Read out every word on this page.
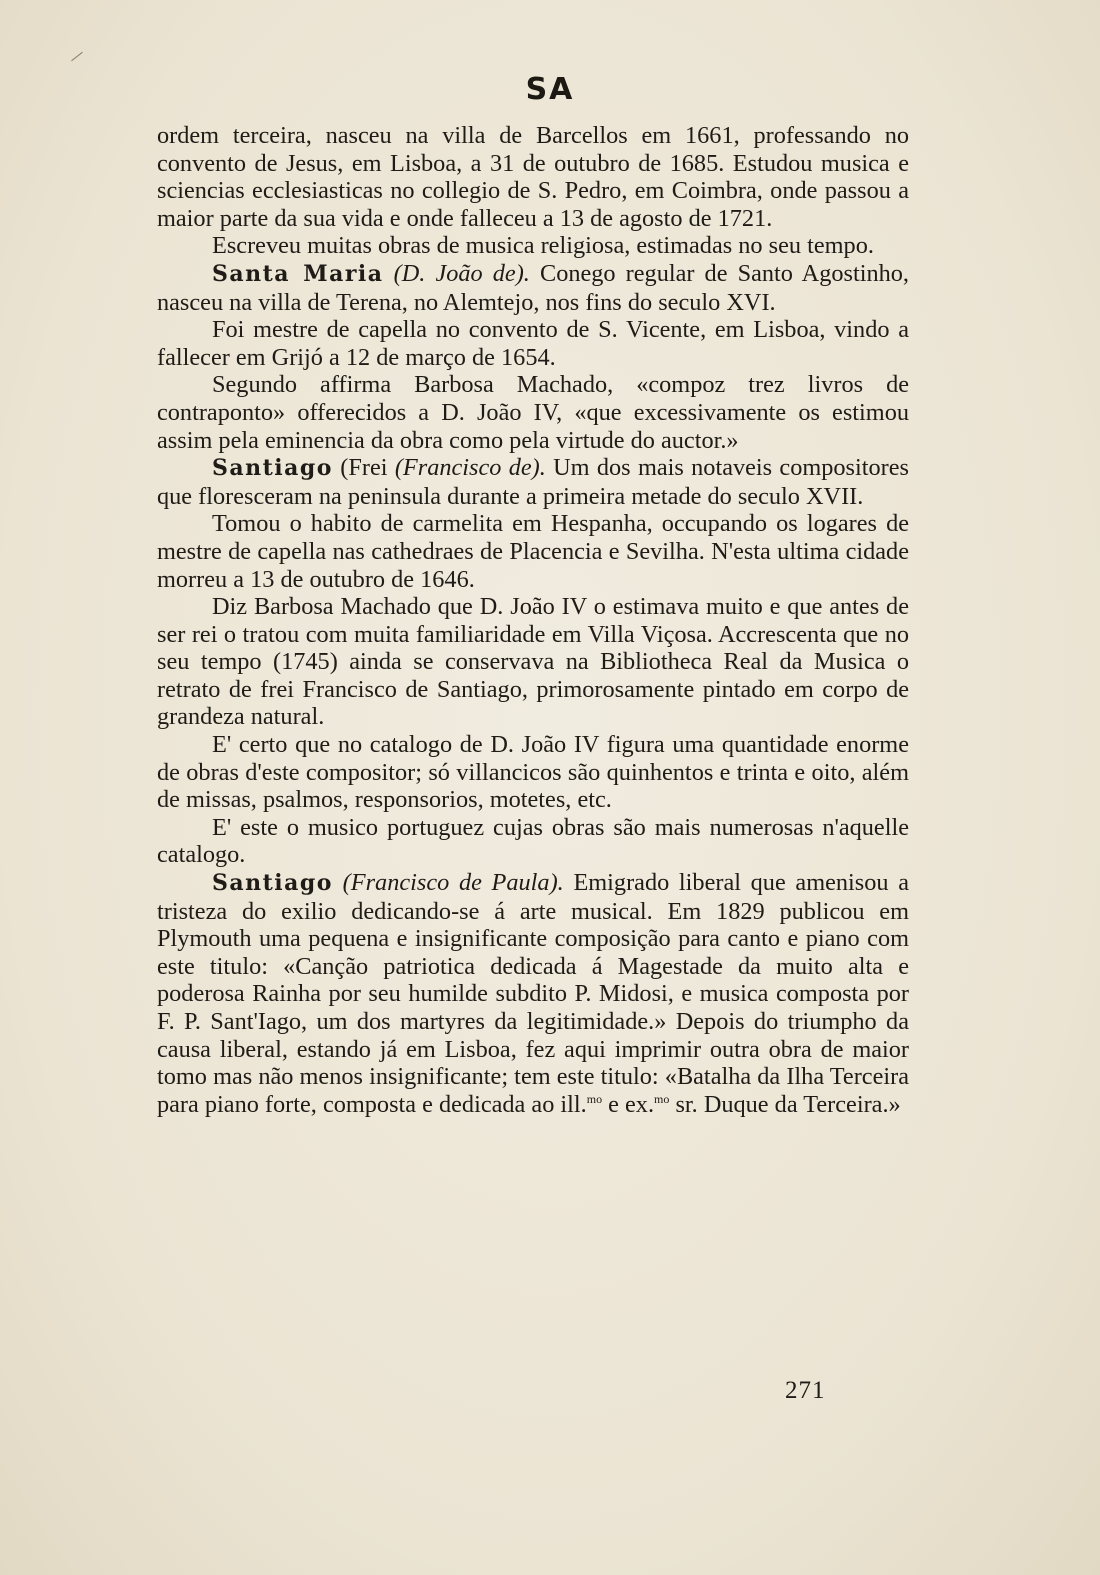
SA

ordem terceira, nasceu na villa de Barcellos em 1661, professando no convento de Jesus, em Lisboa, a 31 de outubro de 1685. Estudou musica e sciencias ecclesiasticas no collegio de S. Pedro, em Coimbra, onde passou a maior parte da sua vida e onde falleceu a 13 de agosto de 1721.

Escreveu muitas obras de musica religiosa, estimadas no seu tempo.

Santa Maria (D. João de). Conego regular de Santo Agostinho, nasceu na villa de Terena, no Alemtejo, nos fins do seculo XVI.

Foi mestre de capella no convento de S. Vicente, em Lisboa, vindo a fallecer em Grijó a 12 de março de 1654.

Segundo affirma Barbosa Machado, «compoz trez livros de contraponto» offerecidos a D. João IV, «que excessivamente os estimou assim pela eminencia da obra como pela virtude do auctor.»

Santiago (Frei (Francisco de). Um dos mais notaveis compositores que floresceram na peninsula durante a primeira metade do seculo XVII.

Tomou o habito de carmelita em Hespanha, occupando os logares de mestre de capella nas cathedraes de Placencia e Sevilha. N'esta ultima cidade morreu a 13 de outubro de 1646.

Diz Barbosa Machado que D. João IV o estimava muito e que antes de ser rei o tratou com muita familiaridade em Villa Viçosa. Accrescenta que no seu tempo (1745) ainda se conservava na Bibliotheca Real da Musica o retrato de frei Francisco de Santiago, primorosamente pintado em corpo de grandeza natural.

E' certo que no catalogo de D. João IV figura uma quantidade enorme de obras d'este compositor; só villancicos são quinhentos e trinta e oito, além de missas, psalmos, responsorios, motetes, etc.

E' este o musico portuguez cujas obras são mais numerosas n'aquelle catalogo.

Santiago (Francisco de Paula). Emigrado liberal que amenisou a tristeza do exilio dedicando-se á arte musical. Em 1829 publicou em Plymouth uma pequena e insignificante composição para canto e piano com este titulo: «Canção patriotica dedicada á Magestade da muito alta e poderosa Rainha por seu humilde subdito P. Midosi, e musica composta por F. P. Sant'Iago, um dos martyres da legitimidade.» Depois do triumpho da causa liberal, estando já em Lisboa, fez aqui imprimir outra obra de maior tomo mas não menos insignificante; tem este titulo: «Batalha da Ilha Terceira para piano forte, composta e dedicada ao ill.$^{mo}$ e ex.$^{mo}$ sr. Duque da Terceira.»

271
